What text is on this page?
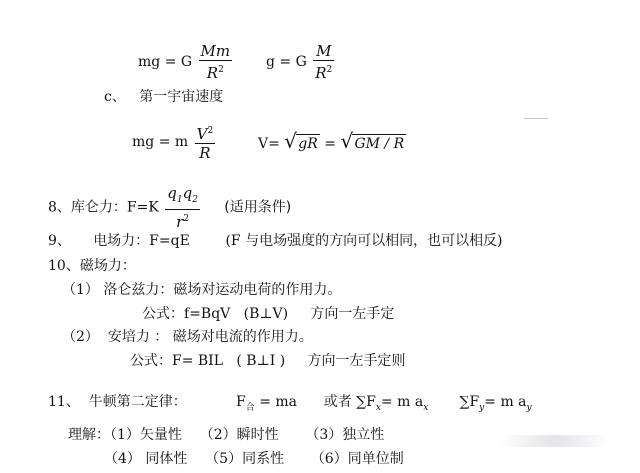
mg = G $\frac{Mm}{R^2}$ g = G $\frac{M}{R^2}$
c、 第一宇宙速度
mg = m $\frac{V^2}{R}$	V= √ gR = √ GM / R
8、库仑力：$F=K \frac{q_1q_2}{r^2}$ (适用条件)
9、 电场力：F=qE	(F 与电场强度的方向可以相同，也可以相反)
10、磁场力：
（1） 洛仑兹力：磁场对运动电荷的作用力。
公式：f=BqV (B⊥V) 方向一左手定
（2） 安培力 ： 磁场对电流的作用力。
公式：F= BIL ( B⊥I ) 方向一左手定则
11、 牛顿第二定律：	$F_合$ = ma 或者 $\sum F_x= m$ $a_x$ $\sum F_y= m$ $a_y$
理解：（1）矢量性 （2）瞬时性 （3）独立性
（4） 同体性 （5）同系性 （6）同单位制
